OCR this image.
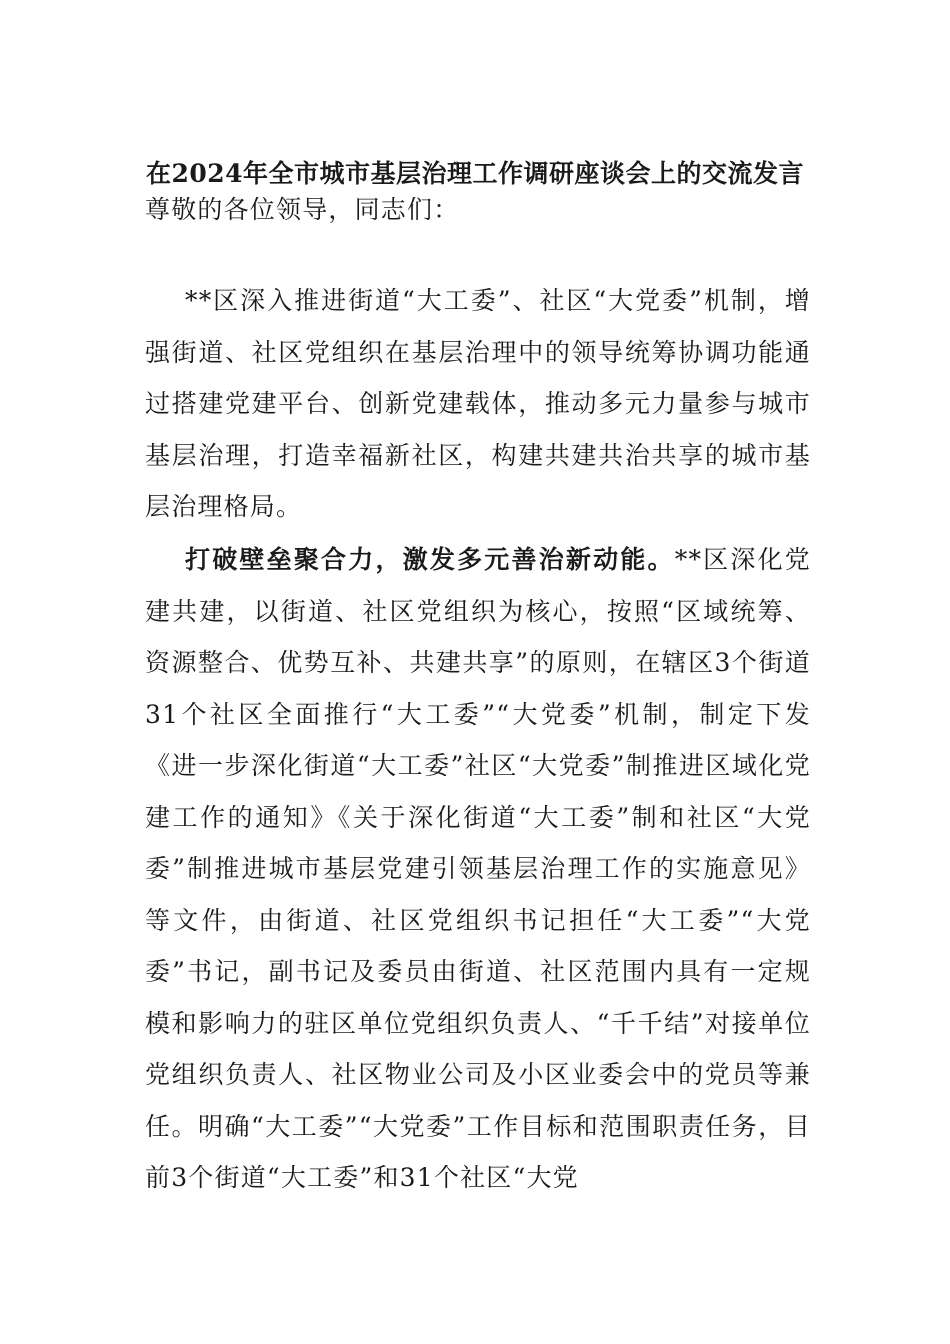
在2024年全市城市基层治理工作调研座谈会上的交流发言
尊敬的各位领导，同志们：
**区深入推进街道“大工委”、社区“大党委”机制，增强街道、社区党组织在基层治理中的领导统筹协调功能通过搭建党建平台、创新党建载体，推动多元力量参与城市基层治理，打造幸福新社区，构建共建共治共享的城市基层治理格局。
打破壁垒聚合力，激发多元善治新动能。**区深化党建共建，以街道、社区党组织为核心，按照“区域统筹、资源整合、优势互补、共建共享”的原则，在辖区3个街道31个社区全面推行“大工委”“大党委”机制，制定下发《进一步深化街道“大工委”社区“大党委”制推进区域化党建工作的通知》《关于深化街道“大工委”制和社区“大党委”制推进城市基层党建引领基层治理工作的实施意见》等文件，由街道、社区党组织书记担任“大工委”“大党委”书记，副书记及委员由街道、社区范围内具有一定规模和影响力的驻区单位党组织负责人、“千千结”对接单位党组织负责人、社区物业公司及小区业委会中的党员等兼任。明确“大工委”“大党委”工作目标和范围职责任务，目前3个街道“大工委”和31个社区“大党
